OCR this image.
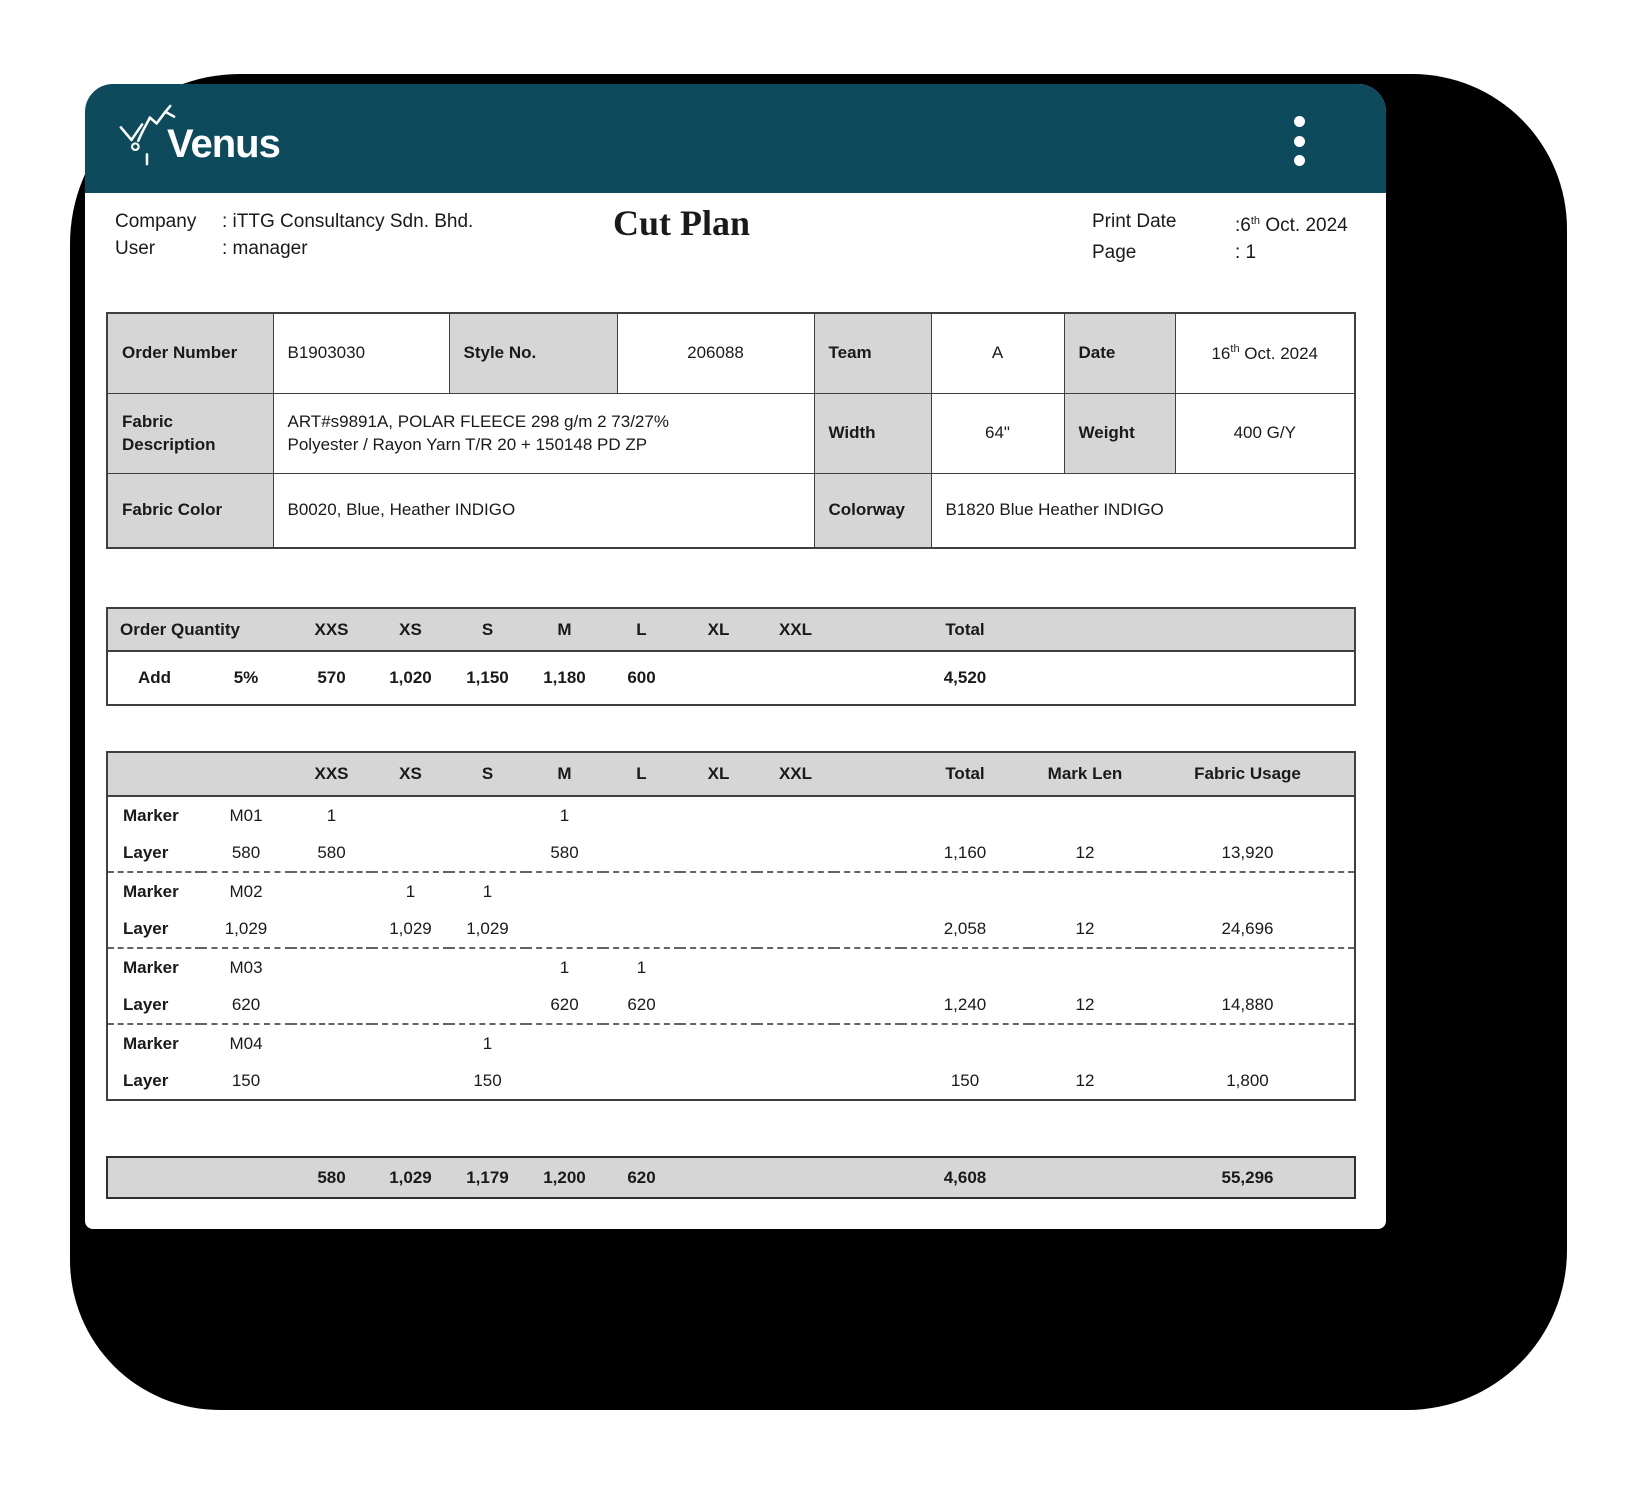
Venus
Company	: iTTG Consultancy Sdn. Bhd.
User	: manager
Cut Plan	Print Date	:6th Oct. 2024
Page	: 1
Order Number	B1903030	Style No.	206088	Team	A	Date	16th Oct. 2024

Fabric Description	ART#s9891A, POLAR FLEECE 298 g/m 2 73/27% Polyester / Rayon Yarn T/R 20 + 150148 PD ZP			Width	64"	Weight	400 G/Y
Fabric Color	B0020, Blue, Heather INDIGO			Colorway	B1820 Blue Heather INDIGO		
Order Quantity		XXS	XS	S	M	L	XL	XXL		Total		
Add	5%	570	1,020	1,150	1,180	600				4,520		
		XXS	XS	S	M	L	XL	XXL		Total	Mark Len	Fabric Usage
Marker	M01	1			1							
Layer	580	580			580					1,160	12	13,920
Marker	M02		1	1								
Layer	1,029		1,029	1,029						2,058	12	24,696
Marker	M03				1	1						
Layer	620				620	620				1,240	12	14,880
Marker	M04			1								
Layer	150			150						150	12	1,800
		580	1,029	1,179	1,200	620				4,608		55,296
